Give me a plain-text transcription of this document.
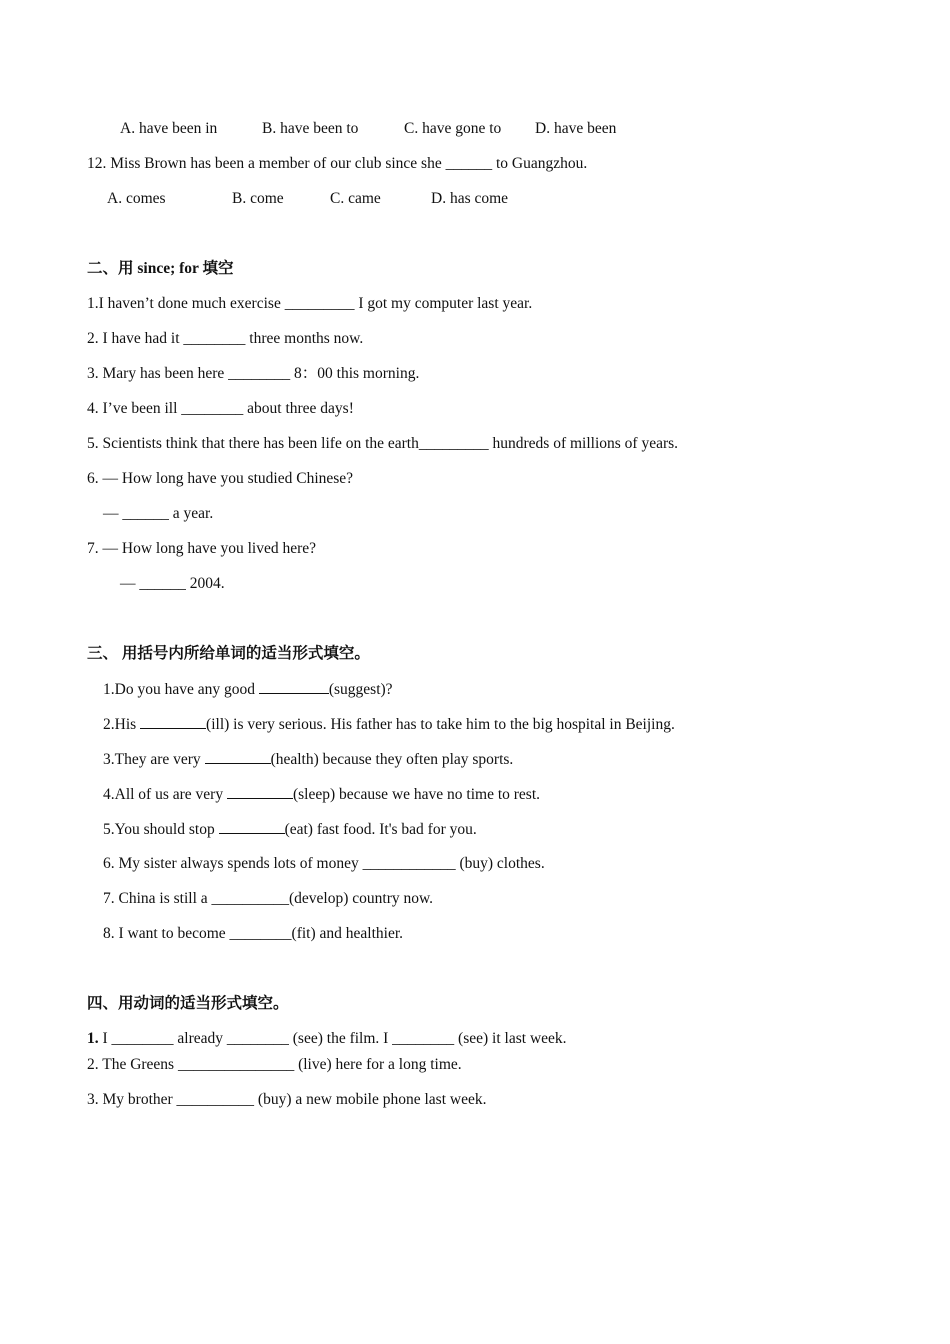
A. have been in	B. have been to	C. have gone to D. have been
12. Miss Brown has been a member of our club since she ______ to Guangzhou.
A. comes	B. come	C. came	D. has come
二、用 since; for 填空
1.I haven’t done much exercise _________ I got my computer last year.
2. I have had it ________ three months now.
3. Mary has been here ________ 8：00 this morning.
4. I’ve been ill ________ about three days!
5. Scientists think that there has been life on the earth_________ hundreds of millions of years.
6. — How long have you studied Chinese?
— ______ a year.
7. — How long have you lived here?
— ______ 2004.
三、 用括号内所给单词的适当形式填空。
1.Do you have any good	(suggest)?
2.His	(ill) is very serious. His father has to take him to the big hospital in Beijing.
3.They are very	(health) because they often play sports.
4.All of us are very	(sleep) because we have no time to rest.
5.You should stop	(eat) fast food. It's bad for you.
6. My sister always spends lots of money ____________ (buy) clothes.
7. China is still a __________(develop) country now.
8. I want to become ________(fit) and healthier.
四、用动词的适当形式填空。
1. I ________ already ________ (see) the film. I ________ (see) it last week.
2. The Greens _______________ (live) here for a long time.
3. My brother __________ (buy) a new mobile phone last week.
